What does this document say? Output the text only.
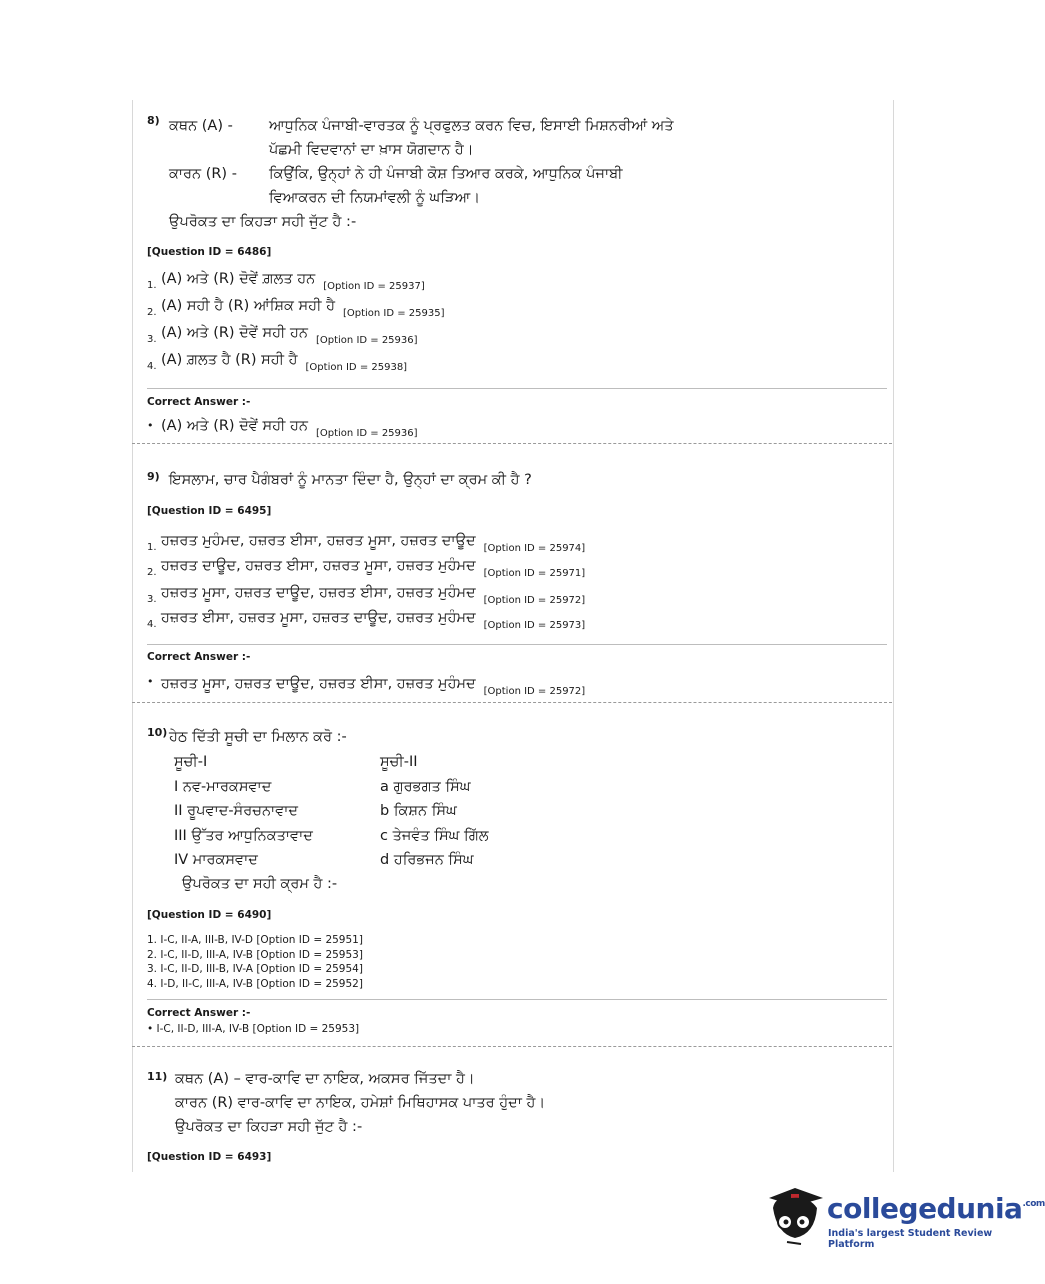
8) ਕਥਨ (A) -	ਆਧੁਨਿਕ ਪੰਜਾਬੀ-ਵਾਰਤਕ ਨੂੰ ਪ੍ਰਫੁਲਤ ਕਰਨ ਵਿਚ, ਇਸਾਈ ਮਿਸ਼ਨਰੀਆਂ ਅਤੇ
ਪੱਛਮੀ ਵਿਦਵਾਨਾਂ ਦਾ ਖ਼ਾਸ ਯੋਗਦਾਨ ਹੈ।
ਕਾਰਨ (R) -	ਕਿਉਂਕਿ, ਉਨ੍ਹਾਂ ਨੇ ਹੀ ਪੰਜਾਬੀ ਕੋਸ਼ ਤਿਆਰ ਕਰਕੇ, ਆਧੁਨਿਕ ਪੰਜਾਬੀ
ਵਿਆਕਰਨ ਦੀ ਨਿਯਮਾਂਵਲੀ ਨੂੰ ਘੜਿਆ।
ਉਪਰੋਕਤ ਦਾ ਕਿਹੜਾ ਸਹੀ ਜੁੱਟ ਹੈ :-
[Question ID = 6486]
1. (A) ਅਤੇ (R) ਦੋਵੇਂ ਗ਼ਲਤ ਹਨ $_{[Option ID = 25937]}$
2. (A) ਸਹੀ ਹੈ (R) ਆਂਸ਼ਿਕ ਸਹੀ ਹੈ $_{[Option ID = 25935]}$
3. (A) ਅਤੇ (R) ਦੋਵੇਂ ਸਹੀ ਹਨ $_{[Option ID = 25936]}$
4. (A) ਗ਼ਲਤ ਹੈ (R) ਸਹੀ ਹੈ $_{[Option ID = 25938]}$
Correct Answer :-
• (A) ਅਤੇ (R) ਦੋਵੇਂ ਸਹੀ ਹਨ $_{[Option ID = 25936]}$
9) ਇਸਲਾਮ, ਚਾਰ ਪੈਗੰਬਰਾਂ ਨੂੰ ਮਾਨਤਾ ਦਿੰਦਾ ਹੈ, ਉਨ੍ਹਾਂ ਦਾ ਕ੍ਰਮ ਕੀ ਹੈ ?
[Question ID = 6495]
1. ਹਜ਼ਰਤ ਮੁਹੰਮਦ, ਹਜ਼ਰਤ ਈਸਾ, ਹਜ਼ਰਤ ਮੂਸਾ, ਹਜ਼ਰਤ ਦਾਊਦ $_{[Option ID = 25974]}$
2. ਹਜ਼ਰਤ ਦਾਊਦ, ਹਜ਼ਰਤ ਈਸਾ, ਹਜ਼ਰਤ ਮੂਸਾ, ਹਜ਼ਰਤ ਮੁਹੰਮਦ $_{[Option ID = 25971]}$
3. ਹਜ਼ਰਤ ਮੂਸਾ, ਹਜ਼ਰਤ ਦਾਊਦ, ਹਜ਼ਰਤ ਈਸਾ, ਹਜ਼ਰਤ ਮੁਹੰਮਦ $_{[Option ID = 25972]}$
4. ਹਜ਼ਰਤ ਈਸਾ, ਹਜ਼ਰਤ ਮੂਸਾ, ਹਜ਼ਰਤ ਦਾਊਦ, ਹਜ਼ਰਤ ਮੁਹੰਮਦ $_{[Option ID = 25973]}$
Correct Answer :-
• ਹਜ਼ਰਤ ਮੂਸਾ, ਹਜ਼ਰਤ ਦਾਊਦ, ਹਜ਼ਰਤ ਈਸਾ, ਹਜ਼ਰਤ ਮੁਹੰਮਦ $_{[Option ID = 25972]}$
10) ਹੇਠ ਦਿੱਤੀ ਸੂਚੀ ਦਾ ਮਿਲਾਨ ਕਰੋ :-
ਸੂਚੀ-I	ਸੂਚੀ-II
I ਨਵ-ਮਾਰਕਸਵਾਦ	a ਗੁਰਭਗਤ ਸਿੰਘ
II ਰੂਪਵਾਦ-ਸੰਰਚਨਾਵਾਦ	b ਕਿਸ਼ਨ ਸਿੰਘ
III ਉੱਤਰ ਆਧੁਨਿਕਤਾਵਾਦ	c ਤੇਜਵੰਤ ਸਿੰਘ ਗਿੱਲ
IV ਮਾਰਕਸਵਾਦ	d ਹਰਿਭਜਨ ਸਿੰਘ
ਉਪਰੋਕਤ ਦਾ ਸਹੀ ਕ੍ਰਮ ਹੈ :-
[Question ID = 6490]
1. I-C, II-A, III-B, IV-D [Option ID = 25951]
2. I-C, II-D, III-A, IV-B [Option ID = 25953]
3. I-C, II-D, III-B, IV-A [Option ID = 25954]
4. I-D, II-C, III-A, IV-B [Option ID = 25952]
Correct Answer :-
• I-C, II-D, III-A, IV-B [Option ID = 25953]
11) ਕਥਨ (A) – ਵਾਰ-ਕਾਵਿ ਦਾ ਨਾਇਕ, ਅਕਸਰ ਜਿੱਤਦਾ ਹੈ।
ਕਾਰਨ (R) ਵਾਰ-ਕਾਵਿ ਦਾ ਨਾਇਕ, ਹਮੇਸ਼ਾਂ ਮਿਥਿਹਾਸਕ ਪਾਤਰ ਹੁੰਦਾ ਹੈ।
ਉਪਰੋਕਤ ਦਾ ਕਿਹੜਾ ਸਹੀ ਜੁੱਟ ਹੈ :-
[Question ID = 6493]
collegedunia$^{.com}$
India's largest Student Review Platform
